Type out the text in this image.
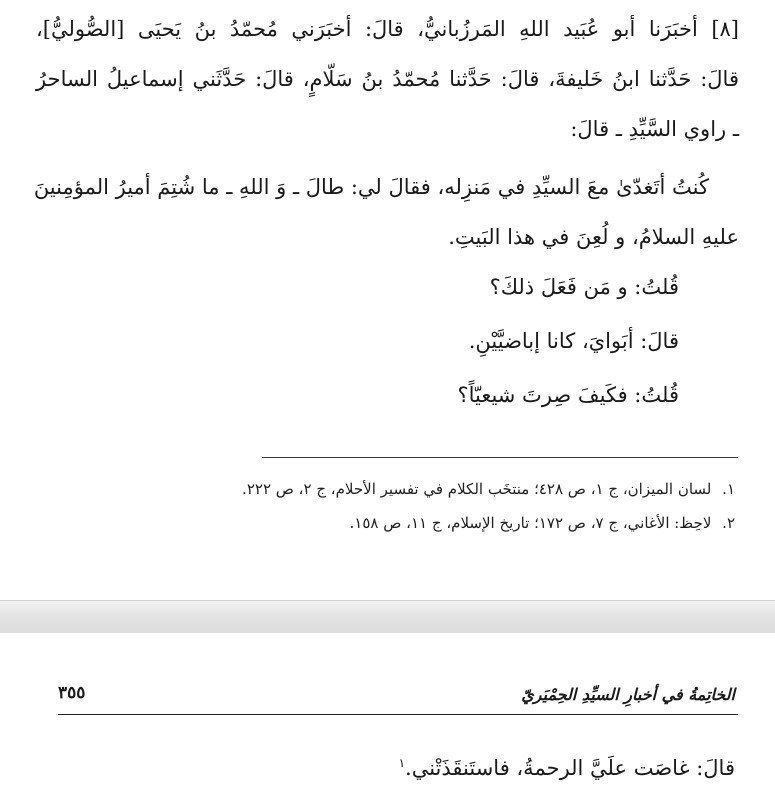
[٨] أخبَرَنا أبو عُبَيد اللهِ المَرزُبانيُّ، قالَ: أخبَرَني مُحمّدُ بنُ يَحيَى [الصُّوليُّ]،
قالَ: حَدَّثنا ابنُ خَليفةَ، قالَ: حَدَّثنا مُحمّدُ بنُ سَلّامٍ، قالَ: حَدَّثَني إسماعيلُ الساحرُ
ـ راوي السَّيِّدِ ـ قالَ:
كُنتُ أتَغدّىٰ معَ السيِّدِ في مَنزِله، فقالَ لي: طالَ ـ وَ اللهِ ـ ما شُتِمَ أميرُ المؤمِنينَ
عليهِ السلامُ، و لُعِنَ في هذا البَيتِ.
قُلتُ: و مَن فَعَلَ ذلكَ؟
قالَ: أبَوايَ، كانا إباضيَّيْنِ.
قُلتُ: فكَيفَ صِرتَ شيعيّاً؟
١. لسان الميزان، ج ١، ص ٤٢٨؛ منتخَب الكلام في تفسير الأحلام، ج ٢، ص ٢٢٢.
٢. لاحِظ: الأغاني، ج ٧، ص ١٧٢؛ تاريخ الإسلام، ج ١١، ص ١٥٨.
الخاتِمةُ في أخبارِ السيِّدِ الحِمْيَريّ
٣٥٥
قالَ: غاصَت علَيَّ الرحمةُ، فاستَنقَذَتْني.$^١$
